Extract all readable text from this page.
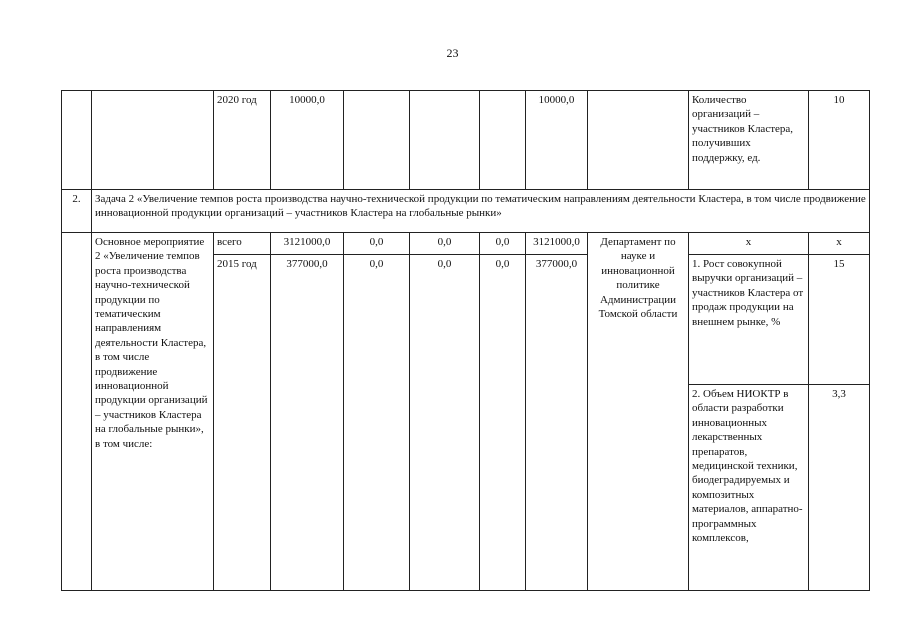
23
		2020 год	10000,0				10000,0		Количество организаций – участников Кластера, получивших поддержку, ед.	10
2.	Задача 2 «Увеличение темпов роста производства научно-технической продукции по тематическим направлениям деятельности Кластера, в том числе продвижение инновационной продукции организаций – участников Кластера на глобальные рынки»									
	Основное мероприятие 2 «Увеличение темпов роста производства научно-технической продукции по тематическим направлениям деятельности Кластера, в том числе продвижение инновационной продукции организаций – участников Кластера на глобальные рынки», в том числе:	всего	3121000,0	0,0	0,0	0,0	3121000,0	Департамент по науке и инновационной политике Администрации Томской области	x	x
		2015 год	377000,0	0,0	0,0	0,0	377000,0		1. Рост совокупной выручки организаций – участников Кластера от продаж продукции на внешнем рынке, %	15
									2. Объем НИОКТР в области разработки инновационных лекарственных препаратов, медицинской техники, биодеградируемых и композитных материалов, аппаратно-программных комплексов,	3,3
